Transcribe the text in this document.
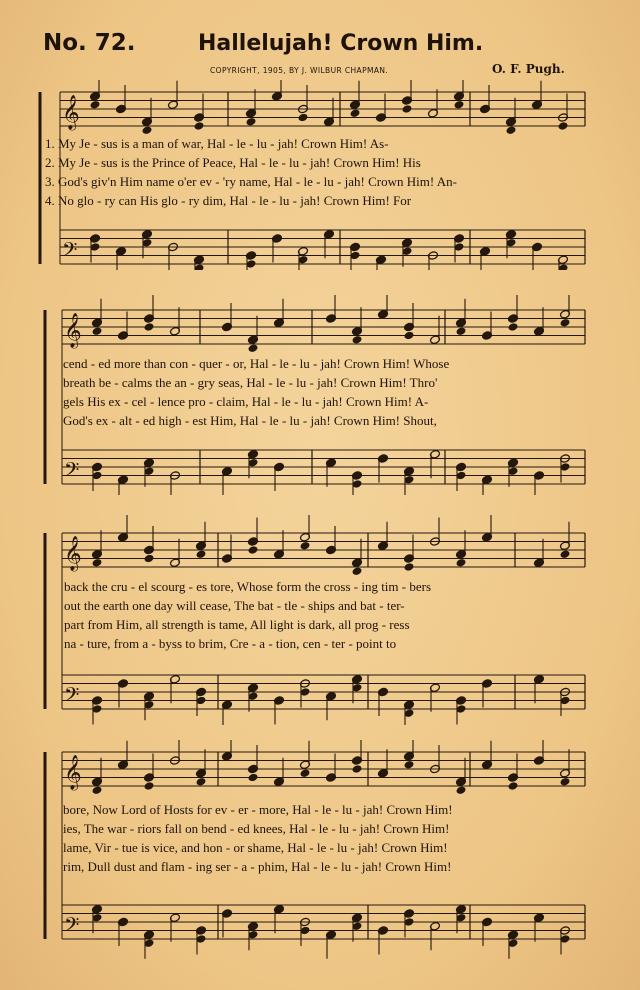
No. 72.	Hallelujah! Crown Him.
COPYRIGHT, 1905, BY J. WILBUR CHAPMAN.	O. F. Pugh.
𝄞
𝄢
1. My Je - sus is a man of war, Hal - le - lu - jah! Crown Him! As-
2. My Je - sus is the Prince of Peace, Hal - le - lu - jah! Crown Him! His
3. God's giv'n Him name o'er ev - 'ry name, Hal - le - lu - jah! Crown Him! An-
4. No glo - ry can His glo - ry dim, Hal - le - lu - jah! Crown Him! For
𝄞
𝄢
cend - ed more than con - quer - or, Hal - le - lu - jah! Crown Him! Whose
breath be - calms the an - gry seas, Hal - le - lu - jah! Crown Him! Thro'
gels His ex - cel - lence pro - claim, Hal - le - lu - jah! Crown Him! A-
God's ex - alt - ed high - est Him, Hal - le - lu - jah! Crown Him! Shout,
𝄞
𝄢
back the cru - el scourg - es tore, Whose form the cross - ing tim - bers
out the earth one day will cease, The bat - tle - ships and bat - ter-
part from Him, all strength is tame, All light is dark, all prog - ress
na - ture, from a - byss to brim, Cre - a - tion, cen - ter - point to
𝄞
𝄢
bore, Now Lord of Hosts for ev - er - more, Hal - le - lu - jah! Crown Him!
ies, The war - riors fall on bend - ed knees, Hal - le - lu - jah! Crown Him!
lame, Vir - tue is vice, and hon - or shame, Hal - le - lu - jah! Crown Him!
rim, Dull dust and flam - ing ser - a - phim, Hal - le - lu - jah! Crown Him!
